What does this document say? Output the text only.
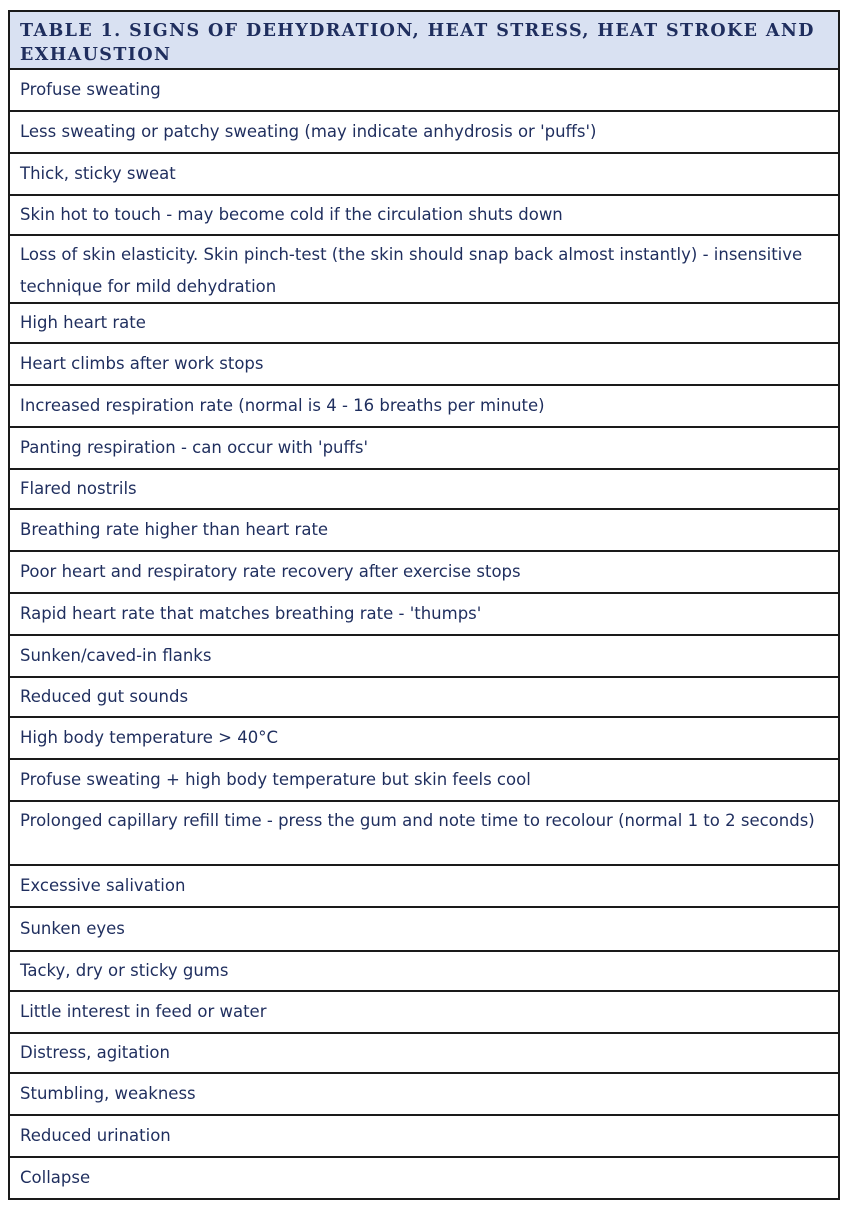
TABLE 1. SIGNS OF DEHYDRATION, HEAT STRESS, HEAT STROKE AND EXHAUSTION
Profuse sweating
Less sweating or patchy sweating (may indicate anhydrosis or 'puffs')
Thick, sticky sweat
Skin hot to touch - may become cold if the circulation shuts down
Loss of skin elasticity. Skin pinch-test (the skin should snap back almost instantly) - insensitive technique for mild dehydration
High heart rate
Heart climbs after work stops
Increased respiration rate (normal is 4 - 16 breaths per minute)
Panting respiration - can occur with 'puffs'
Flared nostrils
Breathing rate higher than heart rate
Poor heart and respiratory rate recovery after exercise stops
Rapid heart rate that matches breathing rate - 'thumps'
Sunken/caved-in flanks
Reduced gut sounds
High body temperature > 40°C
Profuse sweating + high body temperature but skin feels cool
Prolonged capillary refill time - press the gum and note time to recolour (normal 1 to 2 seconds)
Excessive salivation
Sunken eyes
Tacky, dry or sticky gums
Little interest in feed or water
Distress, agitation
Stumbling, weakness
Reduced urination
Collapse
